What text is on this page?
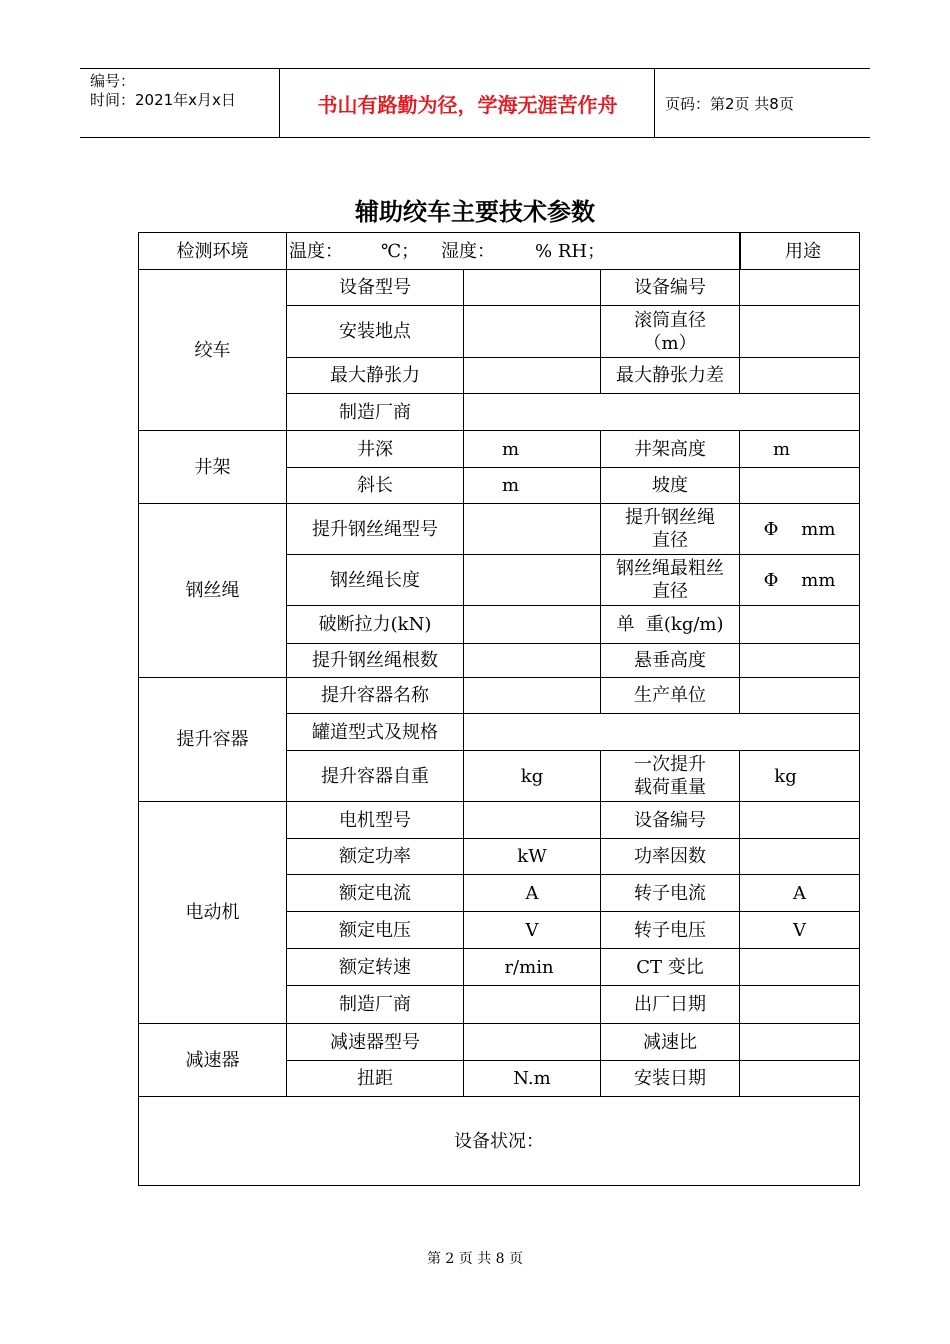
编号：
时间：2021年x月x日	书山有路勤为径，学海无涯苦作舟	页码：第2页 共8页
辅助绞车主要技术参数
检测环境	温度： ℃； 湿度： % RH； 用途			

绞车	设备型号		设备编号	
	安装地点		滚筒直径
（m）	

	最大静张力		最大静张力差	
	制造厂商			
井架	井深	m	井架高度	m
	斜长	m	坡度	
钢丝绳	提升钢丝绳型号		提升钢丝绳
直径	Φ    mm
	钢丝绳长度		钢丝绳最粗丝
直径	Φ    mm
	破断拉力(kN)		单  重(kg/m)	
	提升钢丝绳根数		悬垂高度	
提升容器	提升容器名称		生产单位	
	罐道型式及规格			
	提升容器自重	kg	一次提升
载荷重量	kg
电动机	电机型号		设备编号	
	额定功率	kW	功率因数	
	额定电流	A	转子电流	A
	额定电压	V	转子电压	V
	额定转速	r/min	CT 变比	
	制造厂商		出厂日期	
减速器	减速器型号		减速比	
	扭距	N.m	安装日期	
设备状况：				
第 2 页 共 8 页
